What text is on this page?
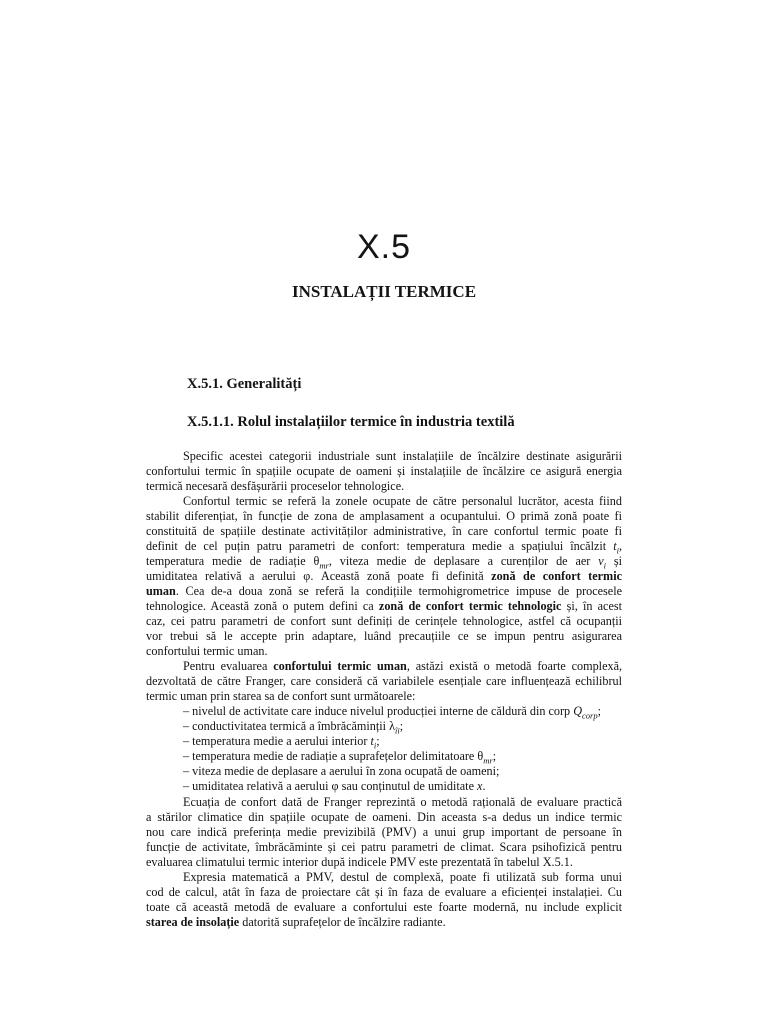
X.5
INSTALAȚII TERMICE
X.5.1. Generalități
X.5.1.1. Rolul instalațiilor termice în industria textilă
Specific acestei categorii industriale sunt instalațiile de încălzire destinate asigurării
confortului termic în spațiile ocupate de oameni și instalațiile de încălzire ce asigură energia
termică necesară desfășurării proceselor tehnologice.
Confortul termic se referă la zonele ocupate de către personalul lucrător, acesta fiind
stabilit diferențiat, în funcție de zona de amplasament a ocupantului. O primă zonă poate fi
constituită de spațiile destinate activităților administrative, în care confortul termic poate fi
definit de cel puțin patru parametri de confort: temperatura medie a spațiului încălzit $t_i$,
temperatura medie de radiație $\theta_{mr}$, viteza medie de deplasare a curenților de aer $v_i$ și
umiditatea relativă a aerului φ. Această zonă poate fi definită zonă de confort termic
uman. Cea de-a doua zonă se referă la condițiile termohigrometrice impuse de procesele
tehnologice. Această zonă o putem defini ca zonă de confort termic tehnologic și, în acest
caz, cei patru parametri de confort sunt definiți de cerințele tehnologice, astfel că ocupanții
vor trebui să le accepte prin adaptare, luând precauțiile ce se impun pentru asigurarea
confortului termic uman.
Pentru evaluarea confortului termic uman, astăzi există o metodă foarte complexă,
dezvoltată de către Franger, care consideră că variabilele esențiale care influențează echilibrul
termic uman prin starea sa de confort sunt următoarele:
– nivelul de activitate care induce nivelul producției interne de căldură din corp $Q_{corp}$;
– conductivitatea termică a îmbrăcăminții $\lambda_{îi}$;
– temperatura medie a aerului interior $t_i$;
– temperatura medie de radiație a suprafețelor delimitatoare $\theta_{mr}$;
– viteza medie de deplasare a aerului în zona ocupată de oameni;
– umiditatea relativă a aerului φ sau conținutul de umiditate x.
Ecuația de confort dată de Franger reprezintă o metodă rațională de evaluare practică
a stărilor climatice din spațiile ocupate de oameni. Din aceasta s-a dedus un indice termic
nou care indică preferința medie previzibilă (PMV) a unui grup important de persoane în
funcție de activitate, îmbrăcăminte și cei patru parametri de climat. Scara psihofizică pentru
evaluarea climatului termic interior după indicele PMV este prezentată în tabelul X.5.1.
Expresia matematică a PMV, destul de complexă, poate fi utilizată sub forma unui
cod de calcul, atât în faza de proiectare cât și în faza de evaluare a eficienței instalației. Cu
toate că această metodă de evaluare a confortului este foarte modernă, nu include explicit
starea de insolație datorită suprafețelor de încălzire radiante.
